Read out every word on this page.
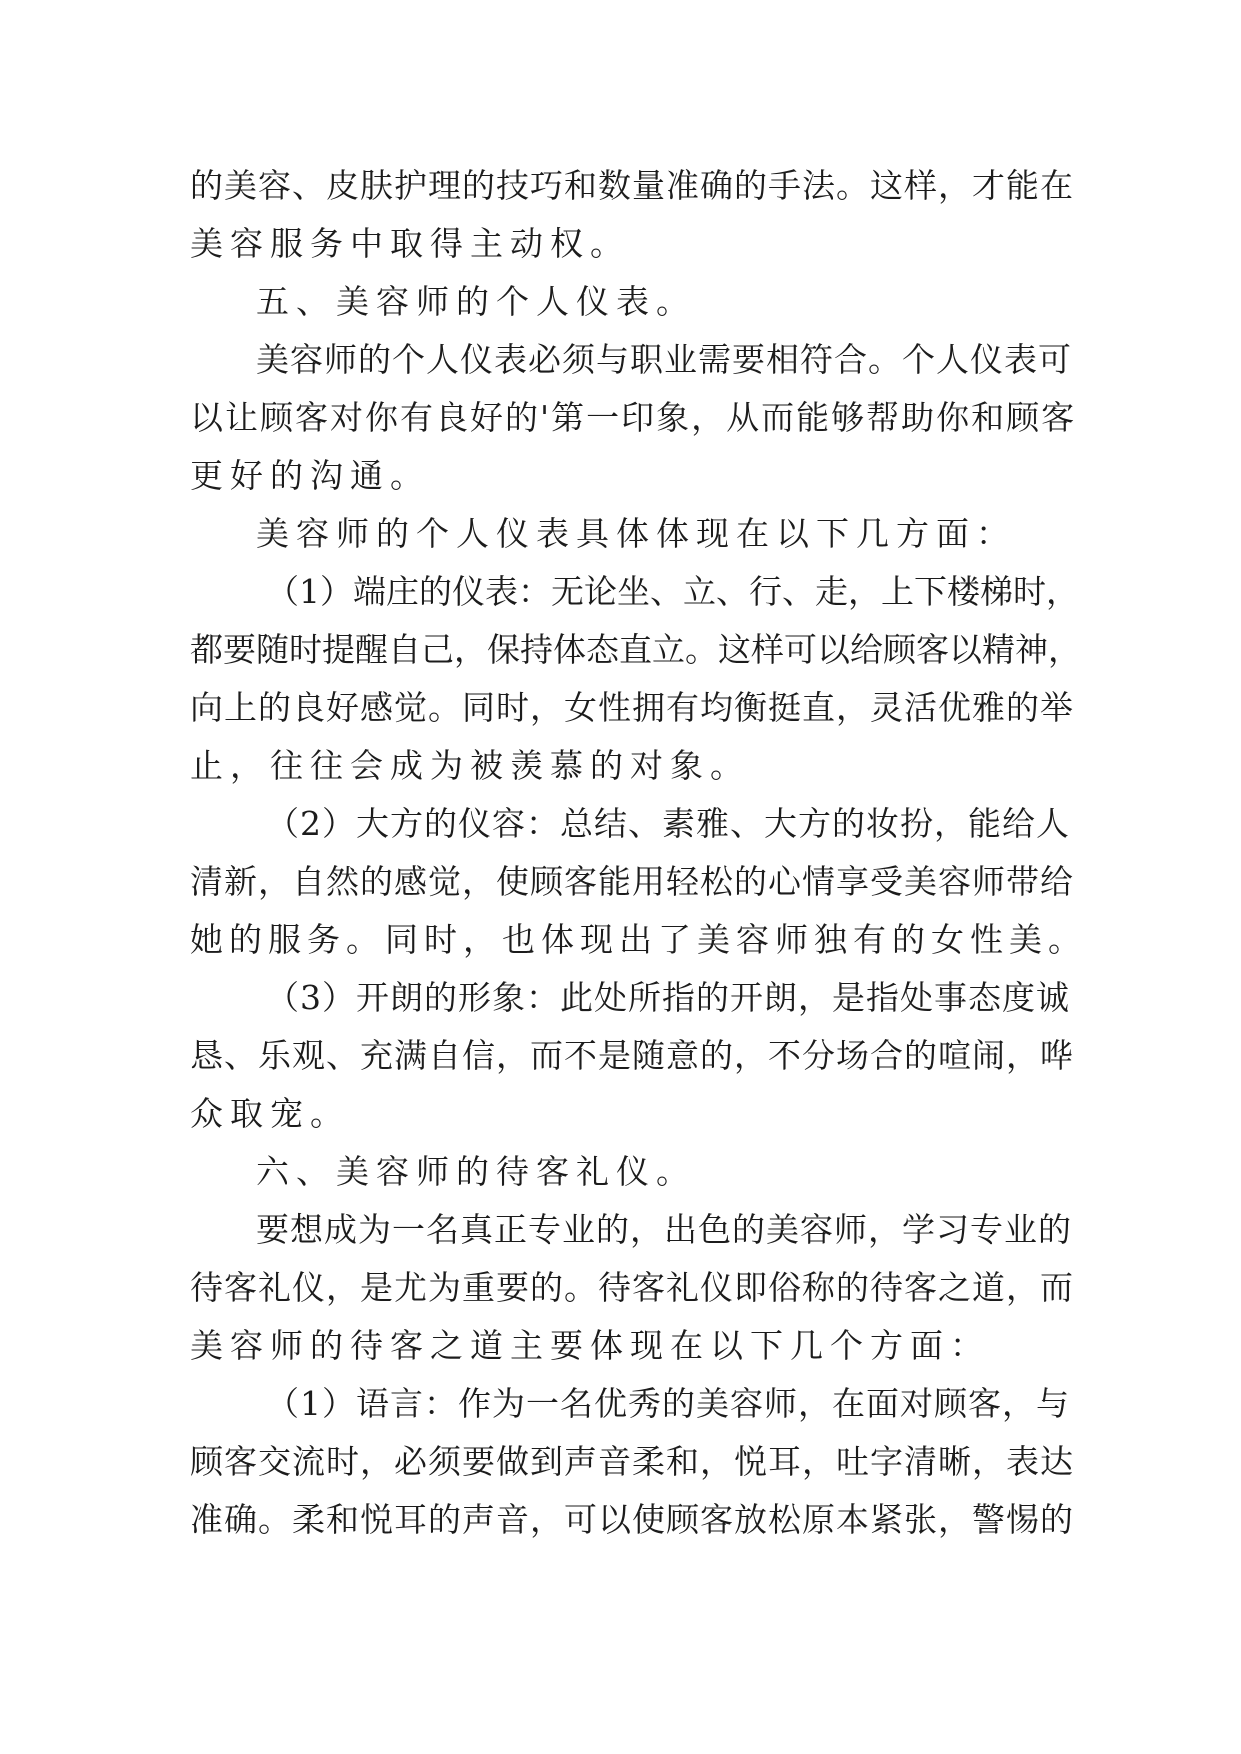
的美容、皮肤护理的技巧和数量准确的手法。这样，才能在
美容服务中取得主动权。
五、美容师的个人仪表。
美容师的个人仪表必须与职业需要相符合。个人仪表可
以让顾客对你有良好的'第一印象，从而能够帮助你和顾客
更好的沟通。
美容师的个人仪表具体体现在以下几方面：
（1）端庄的仪表：无论坐、立、行、走，上下楼梯时，
都要随时提醒自己，保持体态直立。这样可以给顾客以精神，
向上的良好感觉。同时，女性拥有均衡挺直，灵活优雅的举
止，往往会成为被羡慕的对象。
（2）大方的仪容：总结、素雅、大方的妆扮，能给人
清新，自然的感觉，使顾客能用轻松的心情享受美容师带给
她的服务。同时，也体现出了美容师独有的女性美。
（3）开朗的形象：此处所指的开朗，是指处事态度诚
恳、乐观、充满自信，而不是随意的，不分场合的喧闹，哗
众取宠。
六、美容师的待客礼仪。
要想成为一名真正专业的，出色的美容师，学习专业的
待客礼仪，是尤为重要的。待客礼仪即俗称的待客之道，而
美容师的待客之道主要体现在以下几个方面：
（1）语言：作为一名优秀的美容师，在面对顾客，与
顾客交流时，必须要做到声音柔和，悦耳，吐字清晰，表达
准确。柔和悦耳的声音，可以使顾客放松原本紧张，警惕的
